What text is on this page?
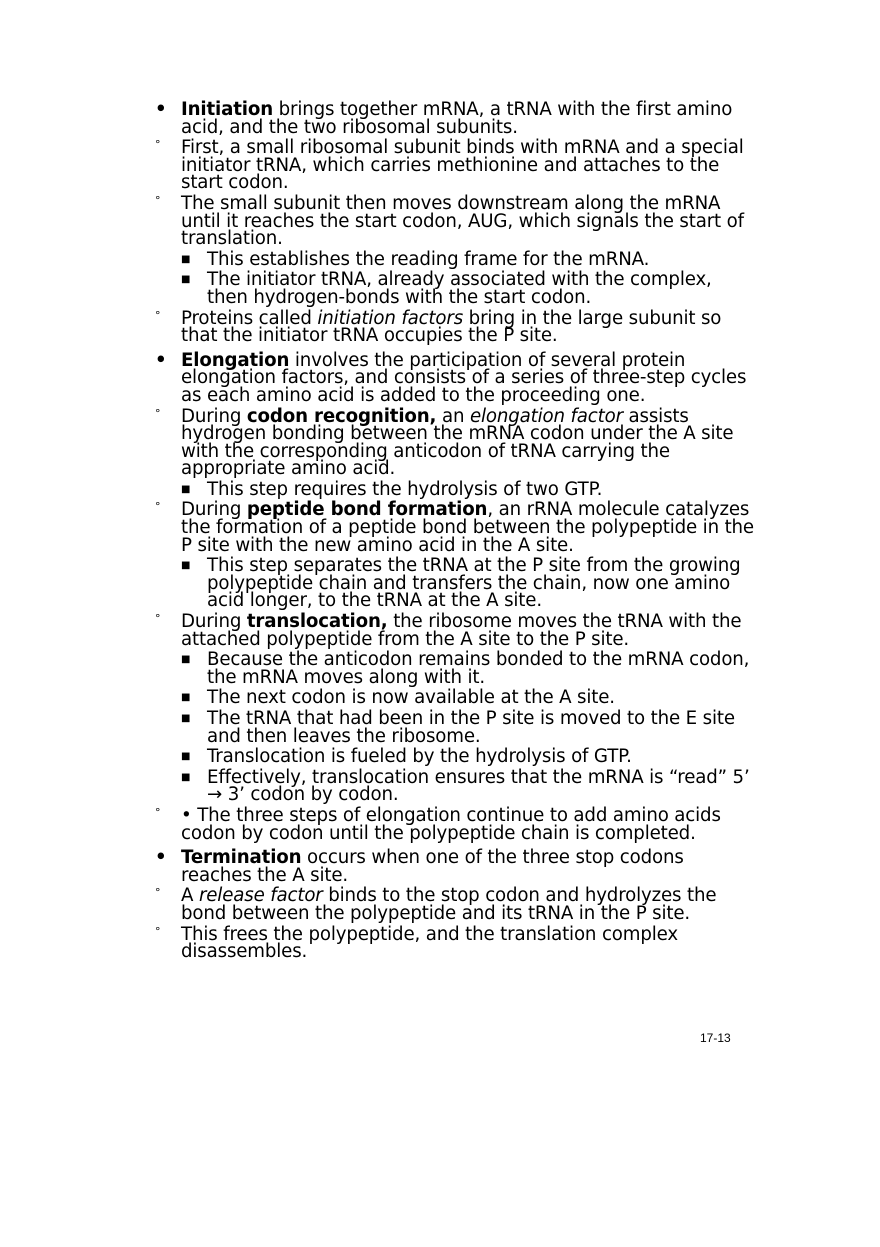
• Initiation brings together mRNA, a tRNA with the first amino acid, and the two ribosomal subunits.
° First, a small ribosomal subunit binds with mRNA and a special initiator tRNA, which carries methionine and attaches to the start codon.
° The small subunit then moves downstream along the mRNA until it reaches the start codon, AUG, which signals the start of translation.
■ This establishes the reading frame for the mRNA.
■ The initiator tRNA, already associated with the complex, then hydrogen-bonds with the start codon.
° Proteins called initiation factors bring in the large subunit so that the initiator tRNA occupies the P site.
• Elongation involves the participation of several protein elongation factors, and consists of a series of three-step cycles as each amino acid is added to the proceeding one.
° During codon recognition, an elongation factor assists hydrogen bonding between the mRNA codon under the A site with the corresponding anticodon of tRNA carrying the appropriate amino acid.
■ This step requires the hydrolysis of two GTP.
° During peptide bond formation, an rRNA molecule catalyzes the formation of a peptide bond between the polypeptide in the P site with the new amino acid in the A site.
■ This step separates the tRNA at the P site from the growing polypeptide chain and transfers the chain, now one amino acid longer, to the tRNA at the A site.
° During translocation, the ribosome moves the tRNA with the attached polypeptide from the A site to the P site.
■ Because the anticodon remains bonded to the mRNA codon, the mRNA moves along with it.
■ The next codon is now available at the A site.
■ The tRNA that had been in the P site is moved to the E site and then leaves the ribosome.
■ Translocation is fueled by the hydrolysis of GTP.
■ Effectively, translocation ensures that the mRNA is “read” 5’ → 3’ codon by codon.
° • The three steps of elongation continue to add amino acids codon by codon until the polypeptide chain is completed.
• Termination occurs when one of the three stop codons reaches the A site.
° A release factor binds to the stop codon and hydrolyzes the bond between the polypeptide and its tRNA in the P site.
° This frees the polypeptide, and the translation complex disassembles.
17-13
